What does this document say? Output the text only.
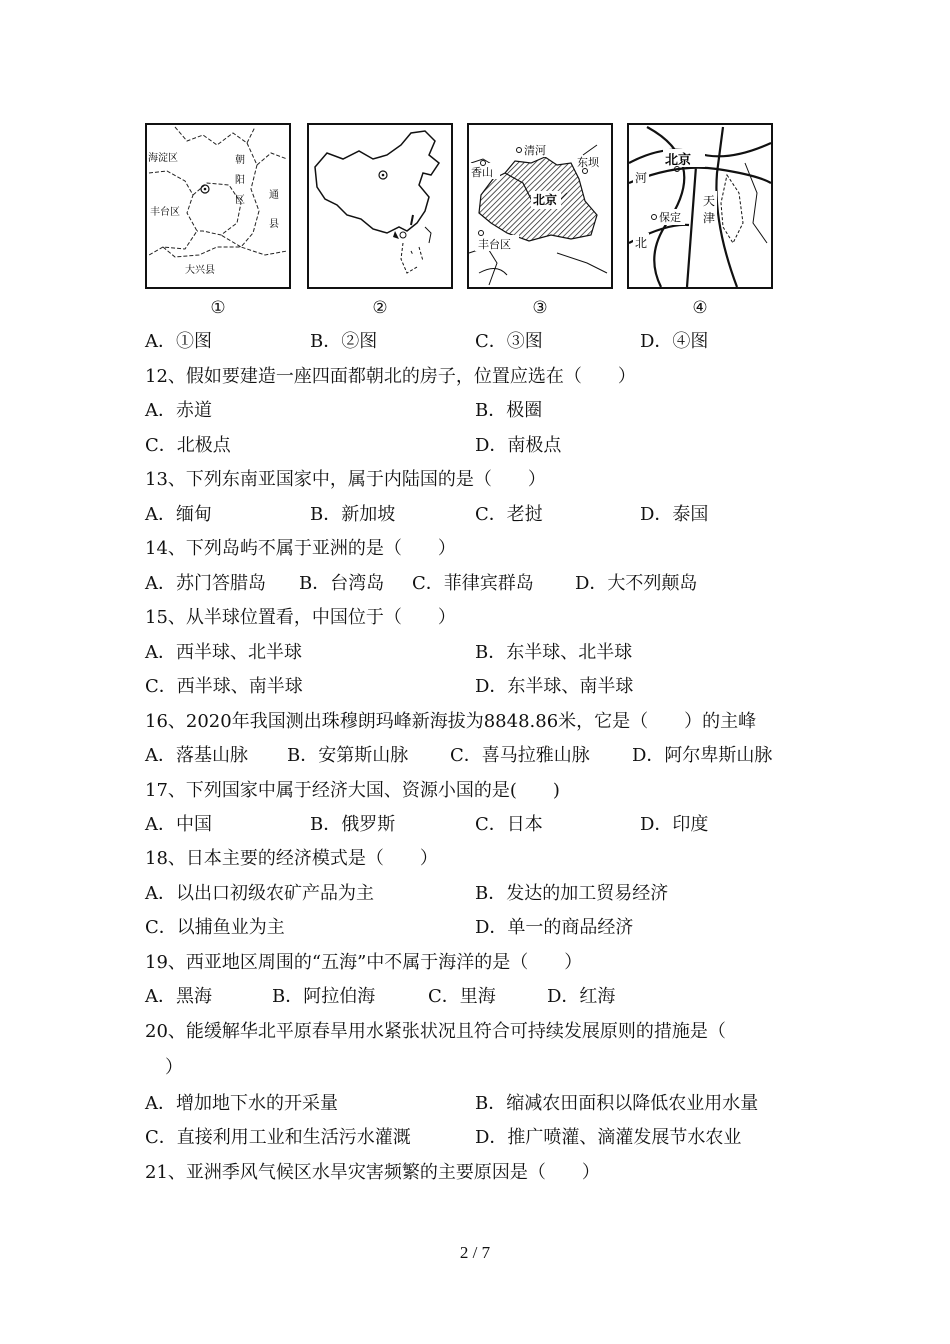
海淀区	朝
阳
区 通
县
丰台区
大兴县
①	②
清河
东坝
香山
北京
丰台区
③
北京
河
天
津
保定
北
④
A．①图	B．②图	C．③图	D．④图
12、假如要建造一座四面都朝北的房子，位置应选在（　　）
A．赤道	B．极圈
C．北极点	D．南极点
13、下列东南亚国家中，属于内陆国的是（　　）
A．缅甸	B．新加坡	C．老挝	D．泰国
14、下列岛屿不属于亚洲的是（　　）
A．苏门答腊岛 B．台湾岛 C．菲律宾群岛 D．大不列颠岛
15、从半球位置看，中国位于（　　）
A．西半球、北半球	B．东半球、北半球
C．西半球、南半球	D．东半球、南半球
16、2020年我国测出珠穆朗玛峰新海拔为8848.86米，它是（　　）的主峰
A．落基山脉 B．安第斯山脉 C．喜马拉雅山脉 D．阿尔卑斯山脉
17、下列国家中属于经济大国、资源小国的是(　　)
A．中国	B．俄罗斯	C．日本	D．印度
18、日本主要的经济模式是（　　）
A．以出口初级农矿产品为主	B．发达的加工贸易经济
C．以捕鱼业为主	D．单一的商品经济
19、西亚地区周围的“五海”中不属于海洋的是（　　）
A．黑海	B．阿拉伯海	C．里海	D．红海
20、能缓解华北平原春旱用水紧张状况且符合可持续发展原则的措施是（
）
A．增加地下水的开采量	B．缩减农田面积以降低农业用水量
C．直接利用工业和生活污水灌溉	D．推广喷灌、滴灌发展节水农业
21、亚洲季风气候区水旱灾害频繁的主要原因是（　　）
2 / 7
